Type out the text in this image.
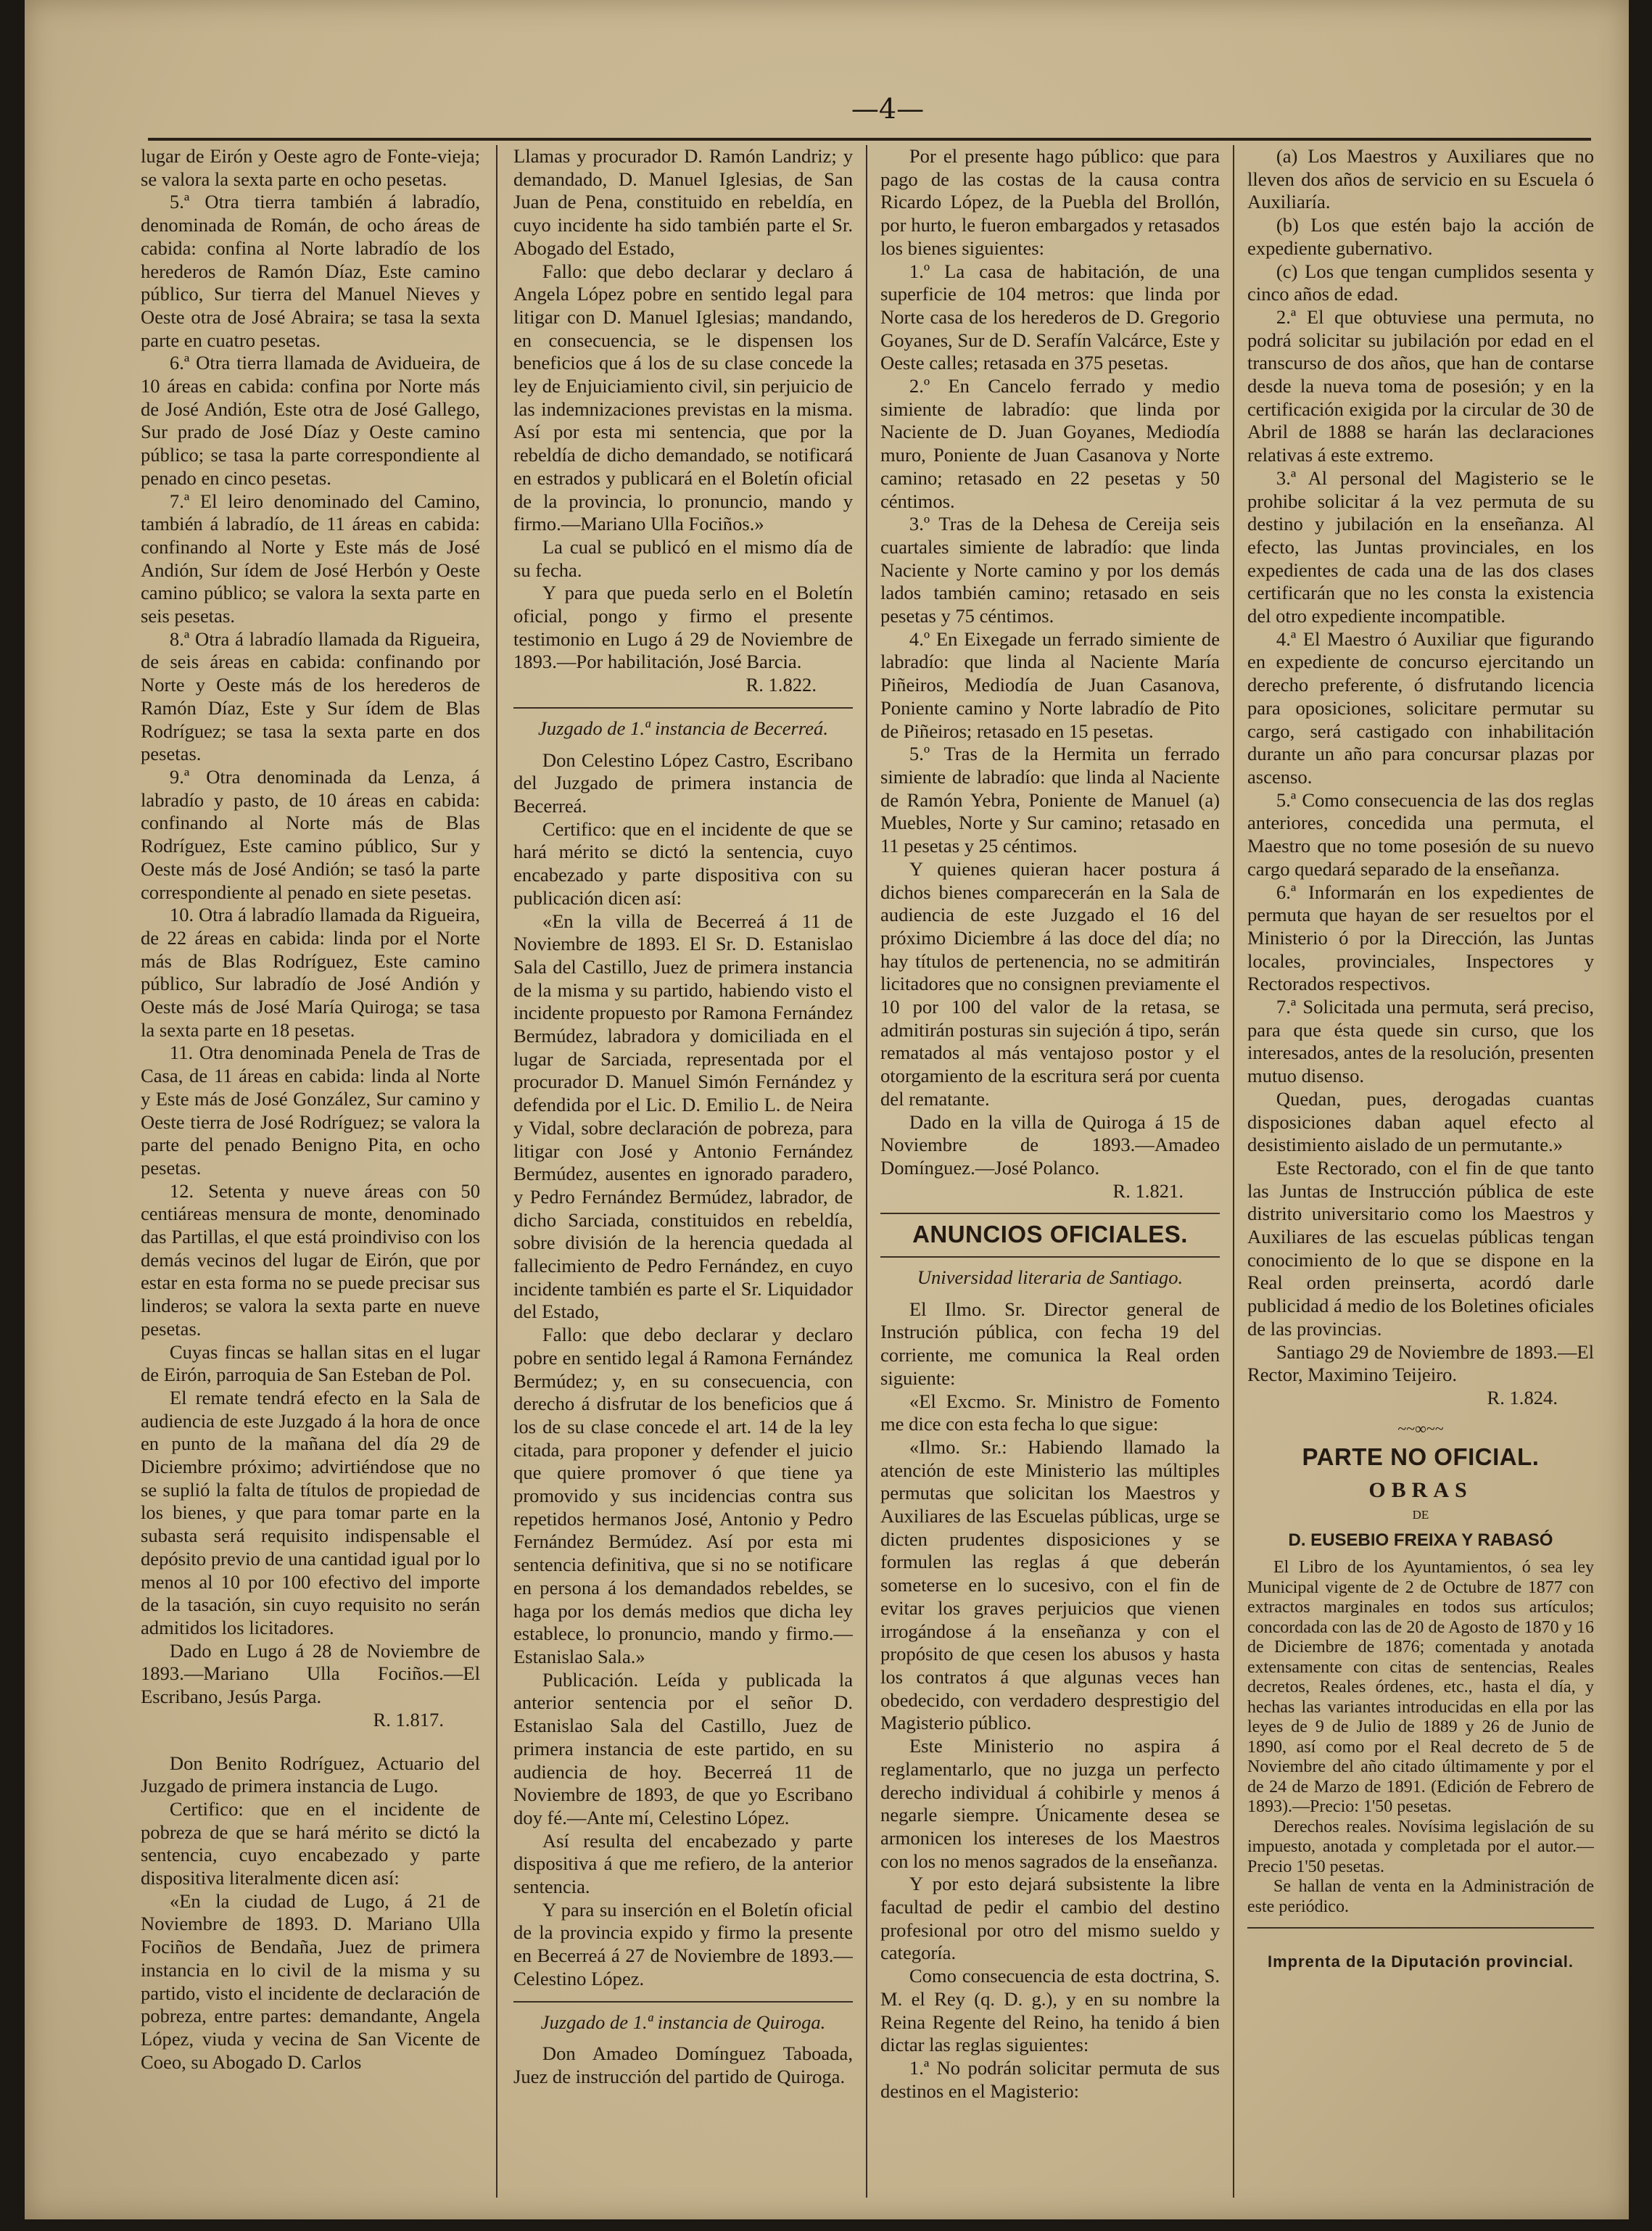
—4—

lugar de Eirón y Oeste agro de Fonte-vieja; se valora la sexta parte en ocho pesetas.

5.ª Otra tierra también á labradío, denominada de Román, de ocho áreas de cabida: confina al Norte labradío de los herederos de Ramón Díaz, Este camino público, Sur tierra del Manuel Nieves y Oeste otra de José Abraira; se tasa la sexta parte en cuatro pesetas.

6.ª Otra tierra llamada de Avidueira, de 10 áreas en cabida: confina por Norte más de José Andión, Este otra de José Gallego, Sur prado de José Díaz y Oeste camino público; se tasa la parte correspondiente al penado en cinco pesetas.

7.ª El leiro denominado del Camino, también á labradío, de 11 áreas en cabida: confinando al Norte y Este más de José Andión, Sur ídem de José Herbón y Oeste camino público; se valora la sexta parte en seis pesetas.

8.ª Otra á labradío llamada da Rigueira, de seis áreas en cabida: confinando por Norte y Oeste más de los herederos de Ramón Díaz, Este y Sur ídem de Blas Rodríguez; se tasa la sexta parte en dos pesetas.

9.ª Otra denominada da Lenza, á labradío y pasto, de 10 áreas en cabida: confinando al Norte más de Blas Rodríguez, Este camino público, Sur y Oeste más de José Andión; se tasó la parte correspondiente al penado en siete pesetas.

10. Otra á labradío llamada da Rigueira, de 22 áreas en cabida: linda por el Norte más de Blas Rodríguez, Este camino público, Sur labradío de José Andión y Oeste más de José María Quiroga; se tasa la sexta parte en 18 pesetas.

11. Otra denominada Penela de Tras de Casa, de 11 áreas en cabida: linda al Norte y Este más de José González, Sur camino y Oeste tierra de José Rodríguez; se valora la parte del penado Benigno Pita, en ocho pesetas.

12. Setenta y nueve áreas con 50 centiáreas mensura de monte, denominado das Partillas, el que está proindiviso con los demás vecinos del lugar de Eirón, que por estar en esta forma no se puede precisar sus linderos; se valora la sexta parte en nueve pesetas.

Cuyas fincas se hallan sitas en el lugar de Eirón, parroquia de San Esteban de Pol.

El remate tendrá efecto en la Sala de audiencia de este Juzgado á la hora de once en punto de la mañana del día 29 de Diciembre próximo; advirtiéndose que no se suplió la falta de títulos de propiedad de los bienes, y que para tomar parte en la subasta será requisito indispensable el depósito previo de una cantidad igual por lo menos al 10 por 100 efectivo del importe de la tasación, sin cuyo requisito no serán admitidos los licitadores.

Dado en Lugo á 28 de Noviembre de 1893.—Mariano Ulla Fociños.—El Escribano, Jesús Parga.

R. 1.817.

Don Benito Rodríguez, Actuario del Juzgado de primera instancia de Lugo.

Certifico: que en el incidente de pobreza de que se hará mérito se dictó la sentencia, cuyo encabezado y parte dispositiva literalmente dicen así:

«En la ciudad de Lugo, á 21 de Noviembre de 1893. D. Mariano Ulla Fociños de Bendaña, Juez de primera instancia en lo civil de la misma y su partido, visto el incidente de declaración de pobreza, entre partes: demandante, Angela López, viuda y vecina de San Vicente de Coeo, su Abogado D. Carlos

Llamas y procurador D. Ramón Landriz; y demandado, D. Manuel Iglesias, de San Juan de Pena, constituido en rebeldía, en cuyo incidente ha sido también parte el Sr. Abogado del Estado,

Fallo: que debo declarar y declaro á Angela López pobre en sentido legal para litigar con D. Manuel Iglesias; mandando, en consecuencia, se le dispensen los beneficios que á los de su clase concede la ley de Enjuiciamiento civil, sin perjuicio de las indemnizaciones previstas en la misma. Así por esta mi sentencia, que por la rebeldía de dicho demandado, se notificará en estrados y publicará en el Boletín oficial de la provincia, lo pronuncio, mando y firmo.—Mariano Ulla Fociños.»

La cual se publicó en el mismo día de su fecha.

Y para que pueda serlo en el Boletín oficial, pongo y firmo el presente testimonio en Lugo á 29 de Noviembre de 1893.—Por habilitación, José Barcia.

R. 1.822.

Juzgado de 1.ª instancia de Becerreá.

Don Celestino López Castro, Escribano del Juzgado de primera instancia de Becerreá.

Certifico: que en el incidente de que se hará mérito se dictó la sentencia, cuyo encabezado y parte dispositiva con su publicación dicen así:

«En la villa de Becerreá á 11 de Noviembre de 1893. El Sr. D. Estanislao Sala del Castillo, Juez de primera instancia de la misma y su partido, habiendo visto el incidente propuesto por Ramona Fernández Bermúdez, labradora y domiciliada en el lugar de Sarciada, representada por el procurador D. Manuel Simón Fernández y defendida por el Lic. D. Emilio L. de Neira y Vidal, sobre declaración de pobreza, para litigar con José y Antonio Fernández Bermúdez, ausentes en ignorado paradero, y Pedro Fernández Bermúdez, labrador, de dicho Sarciada, constituidos en rebeldía, sobre división de la herencia quedada al fallecimiento de Pedro Fernández, en cuyo incidente también es parte el Sr. Liquidador del Estado,

Fallo: que debo declarar y declaro pobre en sentido legal á Ramona Fernández Bermúdez; y, en su consecuencia, con derecho á disfrutar de los beneficios que á los de su clase concede el art. 14 de la ley citada, para proponer y defender el juicio que quiere promover ó que tiene ya promovido y sus incidencias contra sus repetidos hermanos José, Antonio y Pedro Fernández Bermúdez. Así por esta mi sentencia definitiva, que si no se notificare en persona á los demandados rebeldes, se haga por los demás medios que dicha ley establece, lo pronuncio, mando y firmo.—Estanislao Sala.»

Publicación. Leída y publicada la anterior sentencia por el señor D. Estanislao Sala del Castillo, Juez de primera instancia de este partido, en su audiencia de hoy. Becerreá 11 de Noviembre de 1893, de que yo Escribano doy fé.—Ante mí, Celestino López.

Así resulta del encabezado y parte dispositiva á que me refiero, de la anterior sentencia.

Y para su inserción en el Boletín oficial de la provincia expido y firmo la presente en Becerreá á 27 de Noviembre de 1893.—Celestino López.

Juzgado de 1.ª instancia de Quiroga.

Don Amadeo Domínguez Taboada, Juez de instrucción del partido de Quiroga.

Por el presente hago público: que para pago de las costas de la causa contra Ricardo López, de la Puebla del Brollón, por hurto, le fueron embargados y retasados los bienes siguientes:

1.º La casa de habitación, de una superficie de 104 metros: que linda por Norte casa de los herederos de D. Gregorio Goyanes, Sur de D. Serafín Valcárce, Este y Oeste calles; retasada en 375 pesetas.

2.º En Cancelo ferrado y medio simiente de labradío: que linda por Naciente de D. Juan Goyanes, Mediodía muro, Poniente de Juan Casanova y Norte camino; retasado en 22 pesetas y 50 céntimos.

3.º Tras de la Dehesa de Cereija seis cuartales simiente de labradío: que linda Naciente y Norte camino y por los demás lados también camino; retasado en seis pesetas y 75 céntimos.

4.º En Eixegade un ferrado simiente de labradío: que linda al Naciente María Piñeiros, Mediodía de Juan Casanova, Poniente camino y Norte labradío de Pito de Piñeiros; retasado en 15 pesetas.

5.º Tras de la Hermita un ferrado simiente de labradío: que linda al Naciente de Ramón Yebra, Poniente de Manuel (a) Muebles, Norte y Sur camino; retasado en 11 pesetas y 25 céntimos.

Y quienes quieran hacer postura á dichos bienes comparecerán en la Sala de audiencia de este Juzgado el 16 del próximo Diciembre á las doce del día; no hay títulos de pertenencia, no se admitirán licitadores que no consignen previamente el 10 por 100 del valor de la retasa, se admitirán posturas sin sujeción á tipo, serán rematados al más ventajoso postor y el otorgamiento de la escritura será por cuenta del rematante.

Dado en la villa de Quiroga á 15 de Noviembre de 1893.—Amadeo Domínguez.—José Polanco.

R. 1.821.

ANUNCIOS OFICIALES.
Universidad literaria de Santiago.

El Ilmo. Sr. Director general de Instrución pública, con fecha 19 del corriente, me comunica la Real orden siguiente:

«El Excmo. Sr. Ministro de Fomento me dice con esta fecha lo que sigue:

«Ilmo. Sr.: Habiendo llamado la atención de este Ministerio las múltiples permutas que solicitan los Maestros y Auxiliares de las Escuelas públicas, urge se dicten prudentes disposiciones y se formulen las reglas á que deberán someterse en lo sucesivo, con el fin de evitar los graves perjuicios que vienen irrogándose á la enseñanza y con el propósito de que cesen los abusos y hasta los contratos á que algunas veces han obedecido, con verdadero desprestigio del Magisterio público.

Este Ministerio no aspira á reglamentarlo, que no juzga un perfecto derecho individual á cohibirle y menos á negarle siempre. Únicamente desea se armonicen los intereses de los Maestros con los no menos sagrados de la enseñanza.

Y por esto dejará subsistente la libre facultad de pedir el cambio del destino profesional por otro del mismo sueldo y categoría.

Como consecuencia de esta doctrina, S. M. el Rey (q. D. g.), y en su nombre la Reina Regente del Reino, ha tenido á bien dictar las reglas siguientes:

1.ª No podrán solicitar permuta de sus destinos en el Magisterio:

(a) Los Maestros y Auxiliares que no lleven dos años de servicio en su Escuela ó Auxiliaría.

(b) Los que estén bajo la acción de expediente gubernativo.

(c) Los que tengan cumplidos sesenta y cinco años de edad.

2.ª El que obtuviese una permuta, no podrá solicitar su jubilación por edad en el transcurso de dos años, que han de contarse desde la nueva toma de posesión; y en la certificación exigida por la circular de 30 de Abril de 1888 se harán las declaraciones relativas á este extremo.

3.ª Al personal del Magisterio se le prohibe solicitar á la vez permuta de su destino y jubilación en la enseñanza. Al efecto, las Juntas provinciales, en los expedientes de cada una de las dos clases certificarán que no les consta la existencia del otro expediente incompatible.

4.ª El Maestro ó Auxiliar que figurando en expediente de concurso ejercitando un derecho preferente, ó disfrutando licencia para oposiciones, solicitare permutar su cargo, será castigado con inhabilitación durante un año para concursar plazas por ascenso.

5.ª Como consecuencia de las dos reglas anteriores, concedida una permuta, el Maestro que no tome posesión de su nuevo cargo quedará separado de la enseñanza.

6.ª Informarán en los expedientes de permuta que hayan de ser resueltos por el Ministerio ó por la Dirección, las Juntas locales, provinciales, Inspectores y Rectorados respectivos.

7.ª Solicitada una permuta, será preciso, para que ésta quede sin curso, que los interesados, antes de la resolución, presenten mutuo disenso.

Quedan, pues, derogadas cuantas disposiciones daban aquel efecto al desistimiento aislado de un permutante.»

Este Rectorado, con el fin de que tanto las Juntas de Instrucción pública de este distrito universitario como los Maestros y Auxiliares de las escuelas públicas tengan conocimiento de lo que se dispone en la Real orden preinserta, acordó darle publicidad á medio de los Boletines oficiales de las provincias.

Santiago 29 de Noviembre de 1893.—El Rector, Maximino Teijeiro.

R. 1.824.

~~∞~~
PARTE NO OFICIAL.
OBRAS
DE
D. EUSEBIO FREIXA Y RABASÓ

El Libro de los Ayuntamientos, ó sea ley Municipal vigente de 2 de Octubre de 1877 con extractos marginales en todos sus artículos; concordada con las de 20 de Agosto de 1870 y 16 de Diciembre de 1876; comentada y anotada extensamente con citas de sentencias, Reales decretos, Reales órdenes, etc., hasta el día, y hechas las variantes introducidas en ella por las leyes de 9 de Julio de 1889 y 26 de Junio de 1890, así como por el Real decreto de 5 de Noviembre del año citado últimamente y por el de 24 de Marzo de 1891. (Edición de Febrero de 1893).—Precio: 1'50 pesetas.

Derechos reales. Novísima legislación de su impuesto, anotada y completada por el autor.—Precio 1'50 pesetas.

Se hallan de venta en la Administración de este periódico.

Imprenta de la Diputación provincial.
